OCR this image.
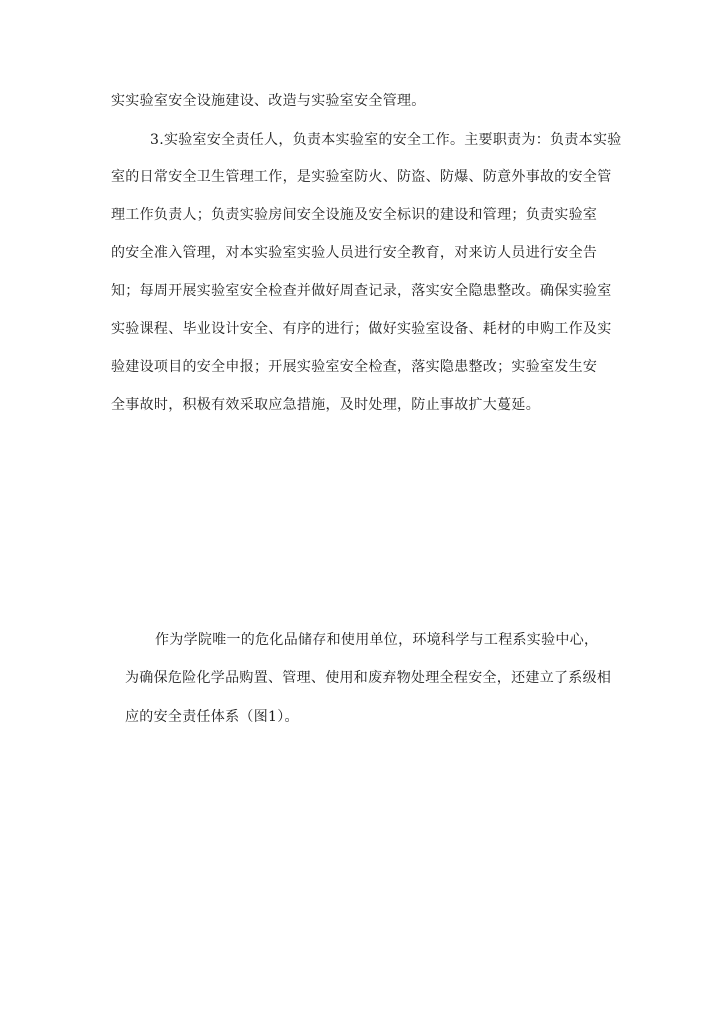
实实验室安全设施建设、改造与实验室安全管理。
3.实验室安全责任人，负责本实验室的安全工作。主要职责为：负责本实验
室的日常安全卫生管理工作，是实验室防火、防盗、防爆、防意外事故的安全管
理工作负责人；负责实验房间安全设施及安全标识的建设和管理；负责实验室
的安全准入管理，对本实验室实验人员进行安全教育，对来访人员进行安全告
知；每周开展实验室安全检查并做好周查记录，落实安全隐患整改。确保实验室
实验课程、毕业设计安全、有序的进行；做好实验室设备、耗材的申购工作及实
验建设项目的安全申报；开展实验室安全检查，落实隐患整改；实验室发生安
全事故时，积极有效采取应急措施，及时处理，防止事故扩大蔓延。
作为学院唯一的危化品储存和使用单位，环境科学与工程系实验中心，
为确保危险化学品购置、管理、使用和废弃物处理全程安全，还建立了系级相
应的安全责任体系（图1）。
